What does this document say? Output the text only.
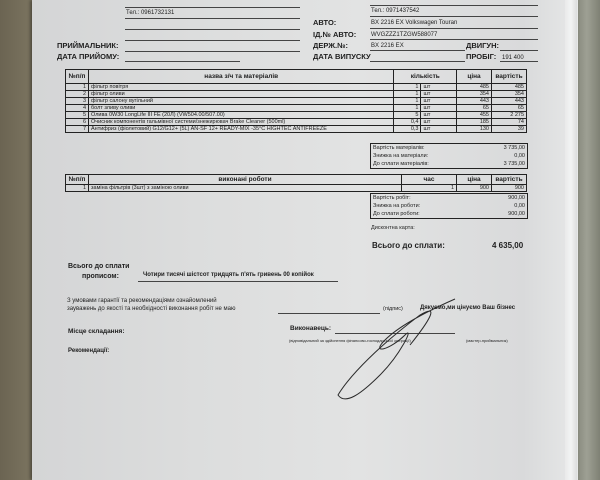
Тел.: 0961732131
ПРИЙМАЛЬНИК:
ДАТА ПРИЙОМУ:
Тел.: 0971437542
АВТО:	BX 2216 EX Volkswagen Touran
ІД.№ АВТО: WVGZZZ1TZGW588077
ДЕРЖ.№:	BX 2216 EX	ДВИГУН:
ДАТА ВИПУСКУ	ПРОБІГ: 191 400
№п/п	назва з/ч та матеріалів	кількість		ціна	вартість
1	фільтр повітря	1	шт	485	485
2	фільтр оливи	1	шт	354	354
3	фільтр салону вугільний	1	шт	443	443
4	болт зливу оливи	1	шт	65	65
5	Олива 0W30 LongLife III FE (20Л) (VW504.00/507.00)	5	шт	455	2 275
6	Очисник компонентів гальмівної системи/знежирювач Brake Cleaner (500ml)	0,4	шт	185	74
7	Антифриз (фіолетовий) G12/G12+ (5L) AN-SF 12+ READY-MIX -35°C HIGHTEC ANTIFREEZE	0,3	шт	130	39
Вартість матеріалів:	3 735,00
Знижка на матеріали:	0,00
До сплати матеріалів:	3 735,00
№п/п	виконані роботи	час	ціна	вартість
1	заміна фільтрів (3шт) з заміною оливи	1	900	900
Вартість робіт:	900,00
Знижка на роботи:	0,00
До сплати роботи:	900,00
Дисконтна карта:
Всього до сплати:	4 635,00
Всього до сплати
прописом:	Чотири тисячі шістсот тридцять п'ять гривень 00 копійок
З умовами гарантії та рекомендаціями ознайомлений
зауважень до якості та необхідності виконання робіт не маю	(підпис)	Дякуємо,ми цінуємо Ваш бізнес
Місце складання:	Виконавець:
(відповідальний за здійснення фінансово-господарської операції)	(мастер-приймальник)
Рекомендації:
